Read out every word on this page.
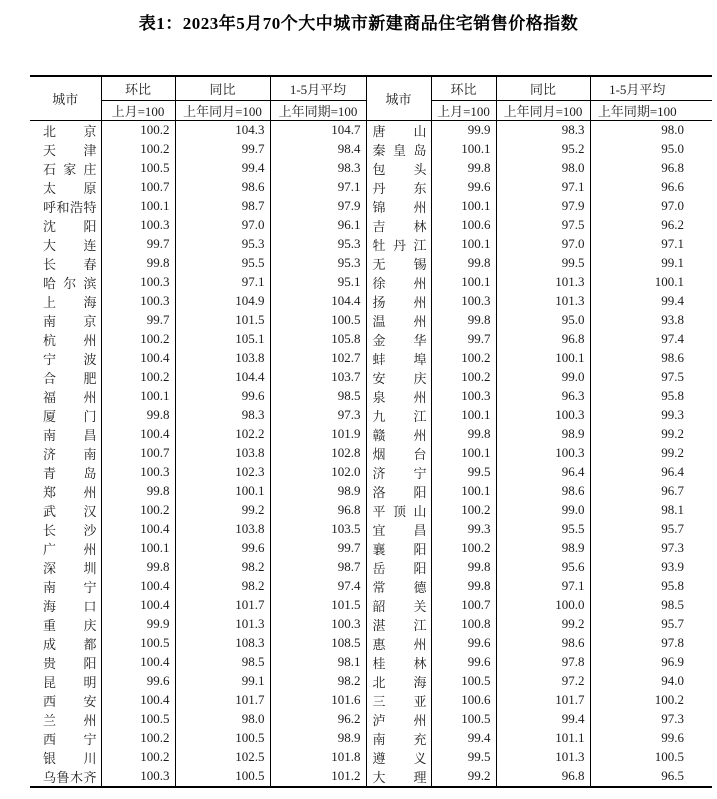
表1：2023年5月70个大中城市新建商品住宅销售价格指数
城市	环比	同比	1-5月平均	城市	环比	同比	1-5月平均
	上月=100	上年同月=100	上年同期=100		上月=100	上年同月=100	上年同期=100

北京	100.2	104.3	104.7	唐山	99.9	98.3	98.0

天津	100.2	99.7	98.4	秦皇岛	100.1	95.2	95.0

石家庄	100.5	99.4	98.3	包头	99.8	98.0	96.8

太原	100.7	98.6	97.1	丹东	99.6	97.1	96.6

呼和浩特	100.1	98.7	97.9	锦州	100.1	97.9	97.0

沈阳	100.3	97.0	96.1	吉林	100.6	97.5	96.2

大连	99.7	95.3	95.3	牡丹江	100.1	97.0	97.1

长春	99.8	95.5	95.3	无锡	99.8	99.5	99.1

哈尔滨	100.3	97.1	95.1	徐州	100.1	101.3	100.1

上海	100.3	104.9	104.4	扬州	100.3	101.3	99.4

南京	99.7	101.5	100.5	温州	99.8	95.0	93.8

杭州	100.2	105.1	105.8	金华	99.7	96.8	97.4

宁波	100.4	103.8	102.7	蚌埠	100.2	100.1	98.6

合肥	100.2	104.4	103.7	安庆	100.2	99.0	97.5

福州	100.1	99.6	98.5	泉州	100.3	96.3	95.8

厦门	99.8	98.3	97.3	九江	100.1	100.3	99.3

南昌	100.4	102.2	101.9	赣州	99.8	98.9	99.2

济南	100.7	103.8	102.8	烟台	100.1	100.3	99.2

青岛	100.3	102.3	102.0	济宁	99.5	96.4	96.4

郑州	99.8	100.1	98.9	洛阳	100.1	98.6	96.7

武汉	100.2	99.2	96.8	平顶山	100.2	99.0	98.1

长沙	100.4	103.8	103.5	宜昌	99.3	95.5	95.7

广州	100.1	99.6	99.7	襄阳	100.2	98.9	97.3

深圳	99.8	98.2	98.7	岳阳	99.8	95.6	93.9

南宁	100.4	98.2	97.4	常德	99.8	97.1	95.8

海口	100.4	101.7	101.5	韶关	100.7	100.0	98.5

重庆	99.9	101.3	100.3	湛江	100.8	99.2	95.7

成都	100.5	108.3	108.5	惠州	99.6	98.6	97.8

贵阳	100.4	98.5	98.1	桂林	99.6	97.8	96.9

昆明	99.6	99.1	98.2	北海	100.5	97.2	94.0

西安	100.4	101.7	101.6	三亚	100.6	101.7	100.2

兰州	100.5	98.0	96.2	泸州	100.5	99.4	97.3

西宁	100.2	100.5	98.9	南充	99.4	101.1	99.6

银川	100.2	102.5	101.8	遵义	99.5	101.3	100.5

乌鲁木齐	100.3	100.5	101.2	大理	99.2	96.8	96.5
